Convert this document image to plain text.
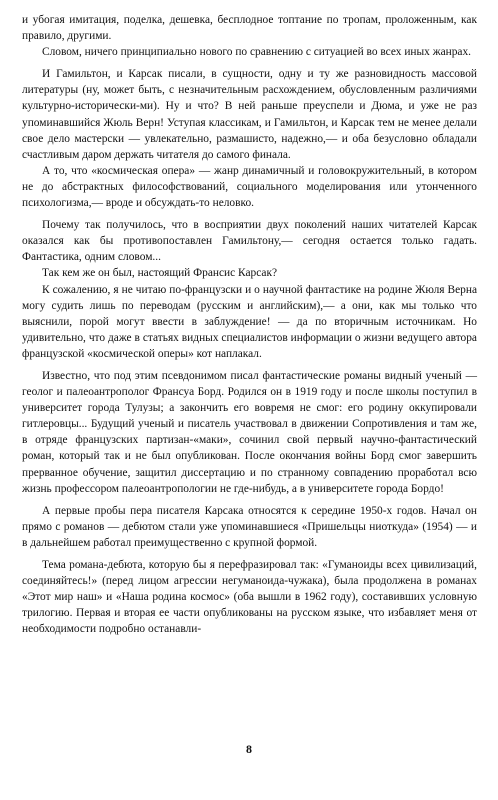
и убогая имитация, поделка, дешевка, бесплодное топтание по тропам, проложенным, как правило, другими.

Словом, ничего принципиально нового по сравнению с ситуацией во всех иных жанрах.

И Гамильтон, и Карсак писали, в сущности, одну и ту же разновидность массовой литературы (ну, может быть, с незначительным расхождением, обусловленным различиями культурно-исторически-ми). Ну и что? В ней раньше преуспели и Дюма, и уже не раз упоминавшийся Жюль Верн! Уступая классикам, и Гамильтон, и Карсак тем не менее делали свое дело мастерски — увлекательно, размашисто, надежно,— и оба безусловно обладали счастливым даром держать читателя до самого финала.

А то, что «космическая опера» — жанр динамичный и головокружительный, в котором не до абстрактных философствований, социального моделирования или утонченного психологизма,— вроде и обсуждать-то неловко.

Почему так получилось, что в восприятии двух поколений наших читателей Карсак оказался как бы противопоставлен Гамильтону,— сегодня остается только гадать. Фантастика, одним словом...

Так кем же он был, настоящий Франсис Карсак?

К сожалению, я не читаю по-французски и о научной фантастике на родине Жюля Верна могу судить лишь по переводам (русским и английским),— а они, как мы только что выяснили, порой могут ввести в заблуждение! — да по вторичным источникам. Но удивительно, что даже в статьях видных специалистов информации о жизни ведущего автора французской «космической оперы» кот наплакал.

Известно, что под этим псевдонимом писал фантастические романы видный ученый — геолог и палеоантрополог Франсуа Борд. Родился он в 1919 году и после школы поступил в университет города Тулузы; а закончить его вовремя не смог: его родину оккупировали гитлеровцы... Будущий ученый и писатель участвовал в движении Сопротивления и там же, в отряде французских партизан-«маки», сочинил свой первый научно-фантастический роман, который так и не был опубликован. После окончания войны Борд смог завершить прерванное обучение, защитил диссертацию и по странному совпадению проработал всю жизнь профессором палеоантропологии не где-нибудь, а в университете города Бордо!

А первые пробы пера писателя Карсака относятся к середине 1950-х годов. Начал он прямо с романов — дебютом стали уже упоминавшиеся «Пришельцы ниоткуда» (1954) — и в дальнейшем работал преимущественно с крупной формой.

Тема романа-дебюта, которую бы я перефразировал так: «Гуманоиды всех цивилизаций, соединяйтесь!» (перед лицом агрессии негуманоида-чужака), была продолжена в романах «Этот мир наш» и «Наша родина космос» (оба вышли в 1962 году), составивших условную трилогию. Первая и вторая ее части опубликованы на русском языке, что избавляет меня от необходимости подробно останавли-

8
